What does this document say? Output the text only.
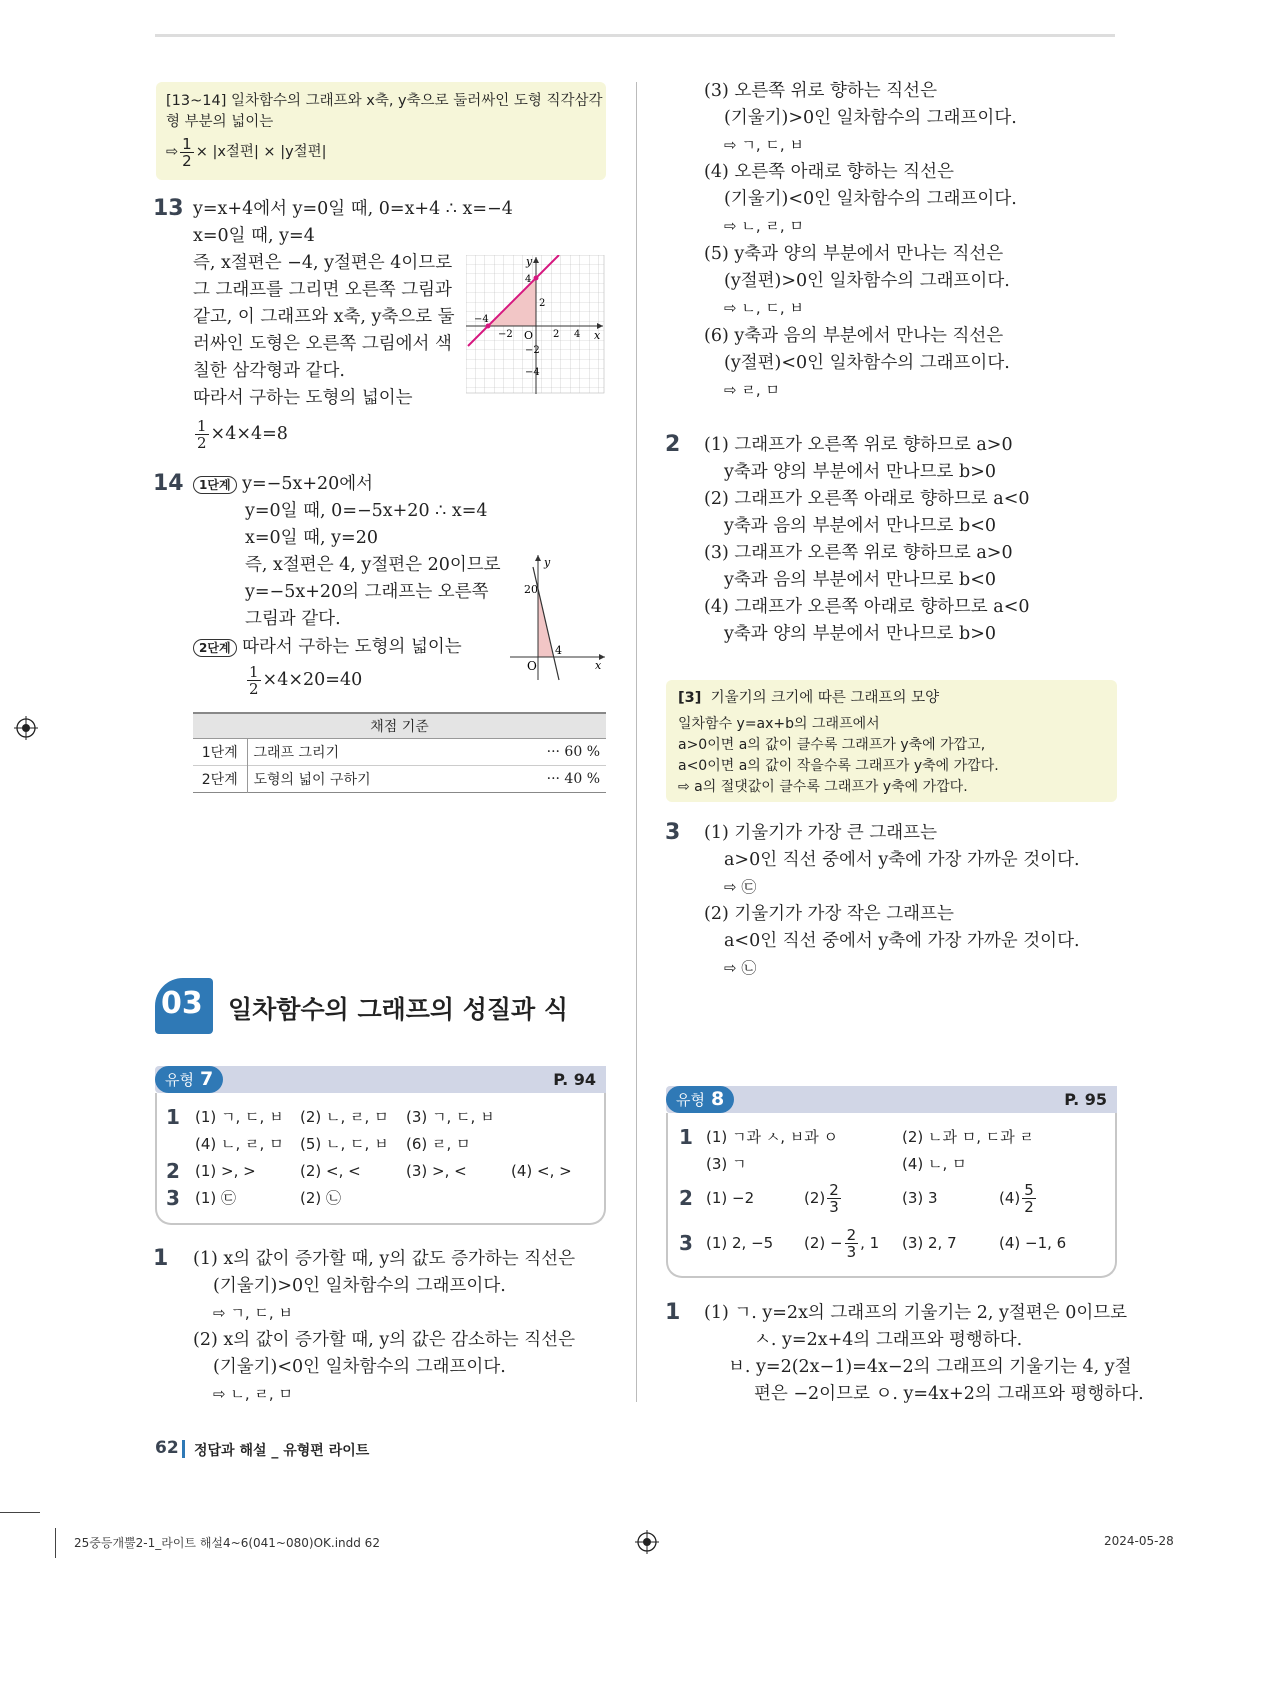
[13~14] 일차함수의 그래프와 x축, y축으로 둘러싸인 도형 직각삼각
형 부분의 넓이는
⇨ $\frac{1}{2} \times |x$절편| × |y절편|
13 y=x+4에서 y=0일 때, 0=x+4 ∴ x=−4
x=0일 때, y=4
즉, x절편은 −4, y절편은 4이므로
그 그래프를 그리면 오른쪽 그림과
같고, 이 그래프와 x축, y축으로 둘
러싸인 도형은 오른쪽 그림에서 색
칠한 삼각형과 같다.
따라서 구하는 도형의 넓이는
$\frac{1}{2} \times 4\times 4=8$
y
x
O
4
2
−2
−4
−4
−2	2 4
14	1단계 y=−5x+20에서
y=0일 때, 0=−5x+20 ∴ x=4
x=0일 때, y=20
즉, x절편은 4, y절편은 20이므로
y=−5x+20의 그래프는 오른쪽
그림과 같다.
2단계 따라서 구하는 도형의 넓이는
$\frac{1}{2} \times 4\times 20=40$
y
x
O
20
4
채점 기준		
1단계	그래프 그리기	··· 60 %
2단계	도형의 넓이 구하기	··· 40 %
03 일차함수의 그래프의 성질과 식
유형 7	P. 94
1 (1) ㄱ, ㄷ, ㅂ (2) ㄴ, ㄹ, ㅁ (3) ㄱ, ㄷ, ㅂ
(4) ㄴ, ㄹ, ㅁ (5) ㄴ, ㄷ, ㅂ (6) ㄹ, ㅁ
2 (1) >, >	(2) <, <	(3) >, <	(4) <, >
3 (1) ㉢	(2) ㉡
1 (1) x의 값이 증가할 때, y의 값도 증가하는 직선은
(기울기)>0인 일차함수의 그래프이다.
⇨ ㄱ, ㄷ, ㅂ
(2) x의 값이 증가할 때, y의 값은 감소하는 직선은
(기울기)<0인 일차함수의 그래프이다.
⇨ ㄴ, ㄹ, ㅁ
(3) 오른쪽 위로 향하는 직선은
(기울기)>0인 일차함수의 그래프이다.
⇨ ㄱ, ㄷ, ㅂ
(4) 오른쪽 아래로 향하는 직선은
(기울기)<0인 일차함수의 그래프이다.
⇨ ㄴ, ㄹ, ㅁ
(5) y축과 양의 부분에서 만나는 직선은
(y절편)>0인 일차함수의 그래프이다.
⇨ ㄴ, ㄷ, ㅂ
(6) y축과 음의 부분에서 만나는 직선은
(y절편)<0인 일차함수의 그래프이다.
⇨ ㄹ, ㅁ
2 (1) 그래프가 오른쪽 위로 향하므로 a>0
y축과 양의 부분에서 만나므로 b>0
(2) 그래프가 오른쪽 아래로 향하므로 a<0
y축과 음의 부분에서 만나므로 b<0
(3) 그래프가 오른쪽 위로 향하므로 a>0
y축과 음의 부분에서 만나므로 b<0
(4) 그래프가 오른쪽 아래로 향하므로 a<0
y축과 양의 부분에서 만나므로 b>0
[3] 기울기의 크기에 따른 그래프의 모양
일차함수 y=ax+b의 그래프에서
a>0이면 a의 값이 클수록 그래프가 y축에 가깝고,
a<0이면 a의 값이 작을수록 그래프가 y축에 가깝다.
⇨ a의 절댓값이 클수록 그래프가 y축에 가깝다.
3 (1) 기울기가 가장 큰 그래프는
a>0인 직선 중에서 y축에 가장 가까운 것이다.
⇨ ㉢
(2) 기울기가 가장 작은 그래프는
a<0인 직선 중에서 y축에 가장 가까운 것이다.
⇨ ㉡
유형 8	P. 95
1 (1) ㄱ과 ㅅ, ㅂ과 ㅇ	(2) ㄴ과 ㅁ, ㄷ과 ㄹ
(3) ㄱ	(4) ㄴ, ㅁ
2 (1) −2	$(2) \frac{2}{3}$	(3) 3	$(4) \frac{5}{2}$
3 (1) 2, −5 $(2) - \frac{2}{3}$ , 1 (3) 2, 7	(4) −1, 6
1 (1) ㄱ. y=2x의 그래프의 기울기는 2, y절편은 0이므로
ㅅ. y=2x+4의 그래프와 평행하다.
ㅂ. y=2(2x−1)=4x−2의 그래프의 기울기는 4, y절
편은 −2이므로 ㅇ. y=4x+2의 그래프와 평행하다.
62 정답과 해설 _ 유형편 라이트
25중등개뿔2-1_라이트 해설4~6(041~080)OK.indd 62	2024-05-28
